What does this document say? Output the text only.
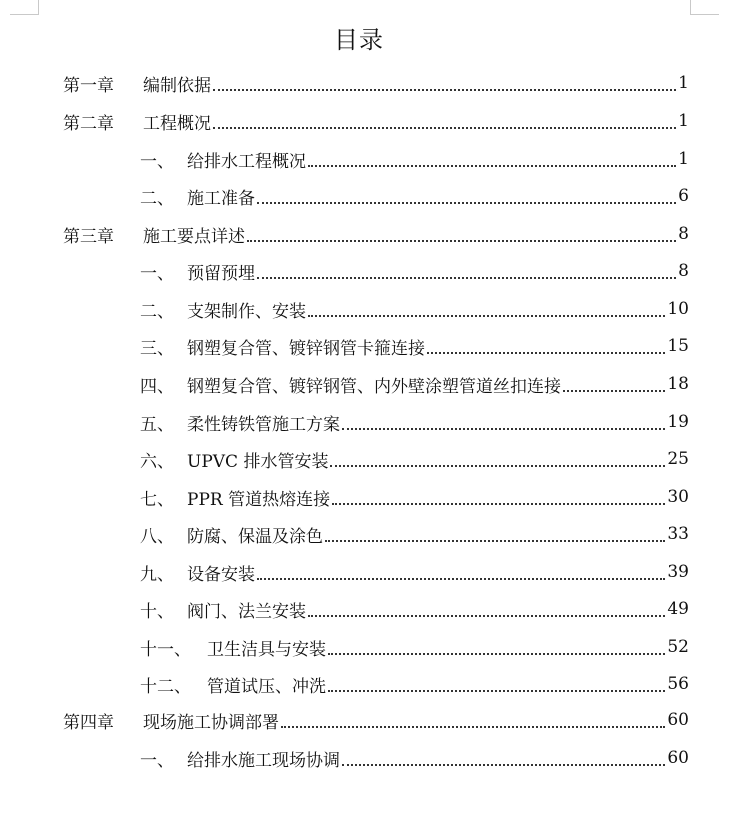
目录
第一章	编制依据	1
第二章	工程概况	1
一、 给排水工程概况	1
二、 施工准备	6
第三章	施工要点详述	8
一、 预留预埋	8
二、 支架制作、安装	10
三、 钢塑复合管、镀锌钢管卡箍连接	15
四、 钢塑复合管、镀锌钢管、内外壁涂塑管道丝扣连接	18
五、 柔性铸铁管施工方案	19
六、 UPVC 排水管安装	25
七、 PPR 管道热熔连接	30
八、 防腐、保温及涂色	33
九、 设备安装	39
十、 阀门、法兰安装	49
十一、 卫生洁具与安装	52
十二、 管道试压、冲洗	56
第四章	现场施工协调部署	60
一、 给排水施工现场协调	60
